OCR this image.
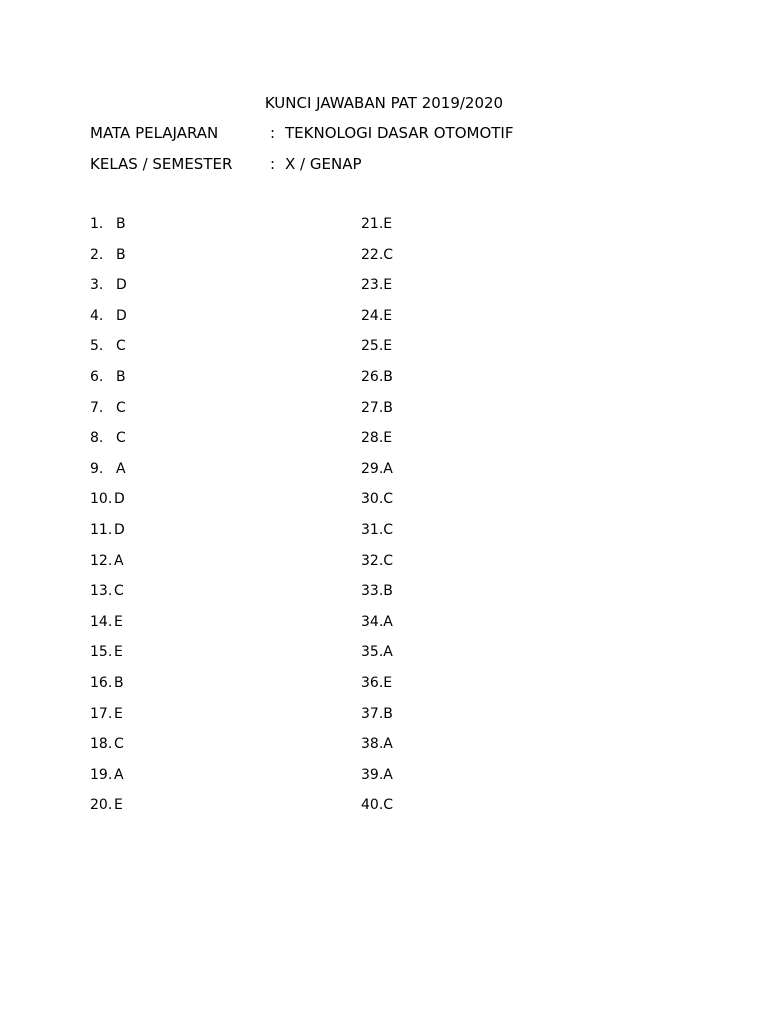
KUNCI JAWABAN PAT 2019/2020
MATA PELAJARAN	: TEKNOLOGI DASAR OTOMOTIF
KELAS / SEMESTER	: X / GENAP
1. B
2. B
3. D
4. D
5. C
6. B
7. C
8. C
9. A
10. D
11. D
12. A
13. C
14. E
15. E
16. B
17. E
18. C
19. A
20. E
21.E
22.C
23.E
24.E
25.E
26.B
27.B
28.E
29.A
30.C
31.C
32.C
33.B
34.A
35.A
36.E
37.B
38.A
39.A
40.C
